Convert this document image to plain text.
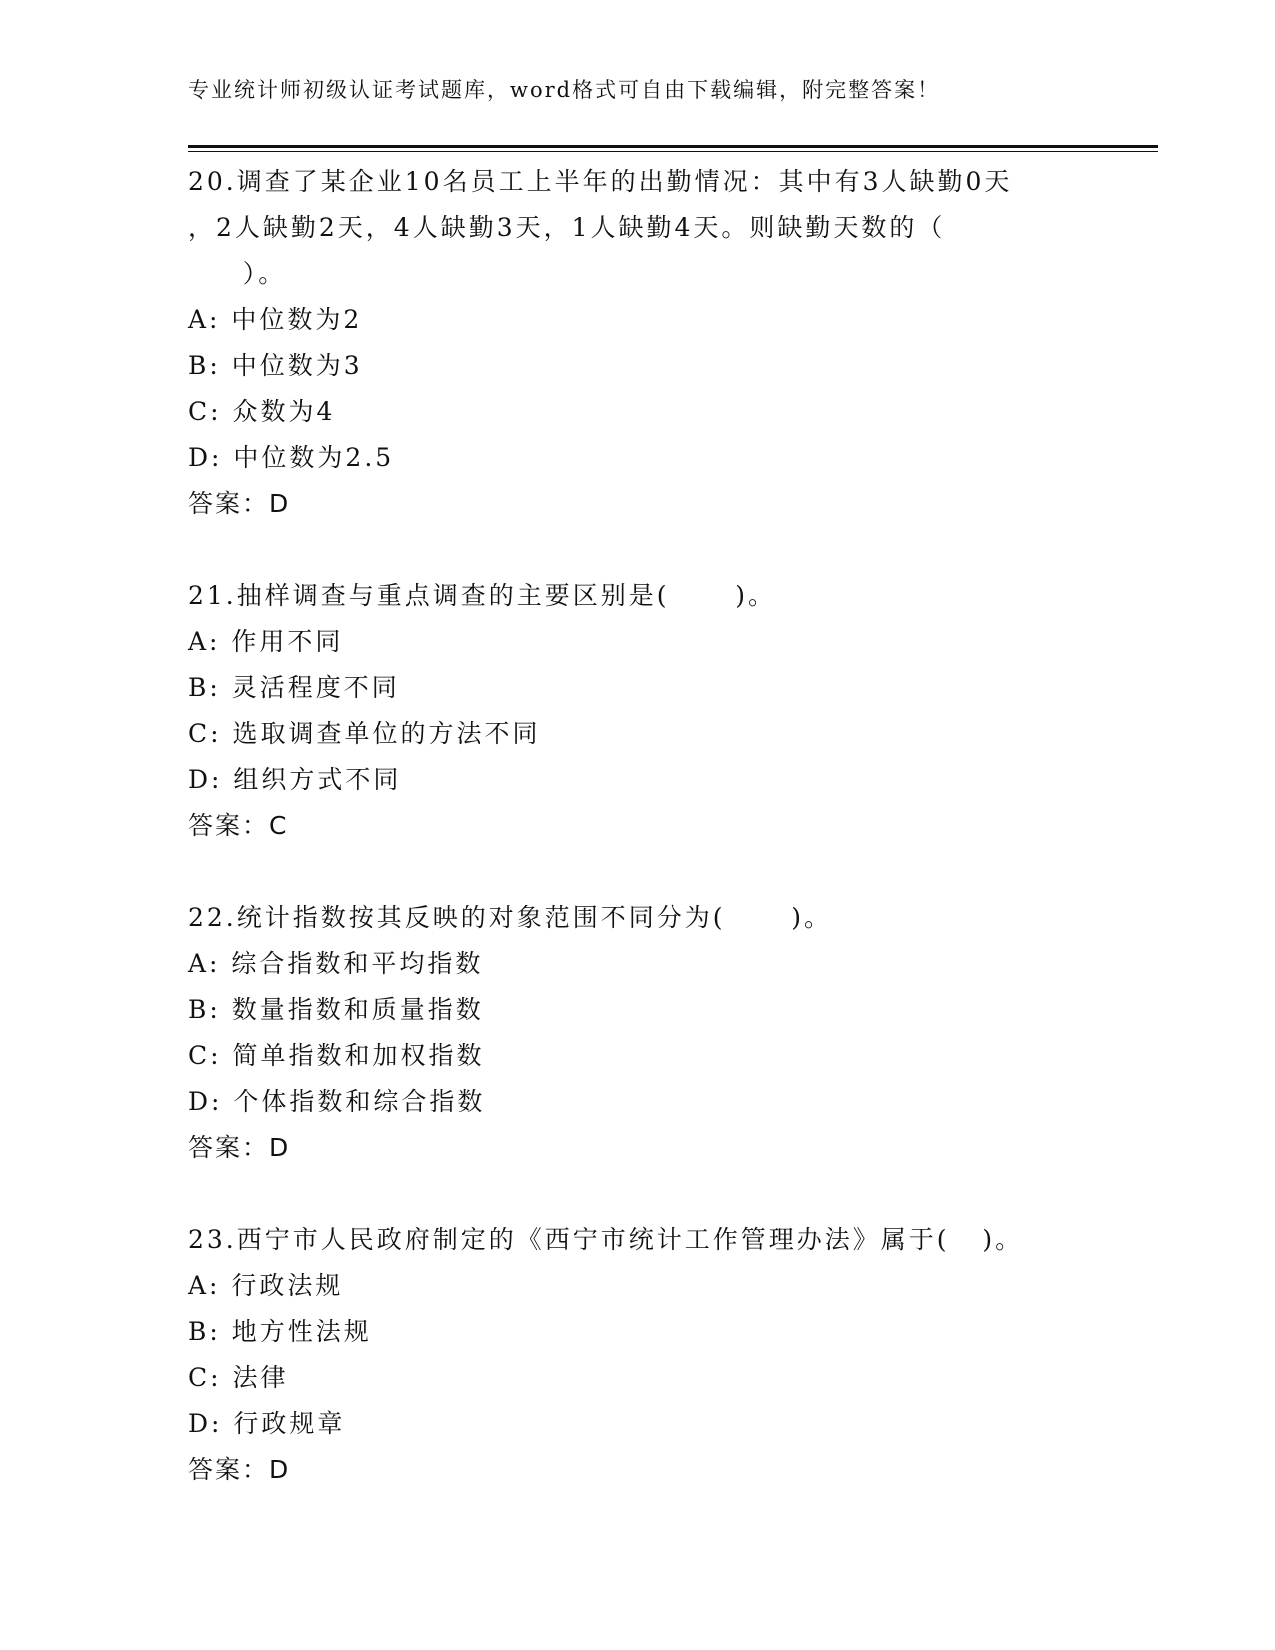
专业统计师初级认证考试题库，word格式可自由下载编辑，附完整答案！
20.调查了某企业10名员工上半年的出勤情况：其中有3人缺勤0天
，2人缺勤2天，4人缺勤3天，1人缺勤4天。则缺勤天数的（
）。
A: 中位数为2
B: 中位数为3
C: 众数为4
D: 中位数为2.5
答案：D
21.抽样调查与重点调查的主要区别是(      )。
A: 作用不同
B: 灵活程度不同
C: 选取调查单位的方法不同
D: 组织方式不同
答案：C
22.统计指数按其反映的对象范围不同分为(      )。
A: 综合指数和平均指数
B: 数量指数和质量指数
C: 简单指数和加权指数
D: 个体指数和综合指数
答案：D
23.西宁市人民政府制定的《西宁市统计工作管理办法》属于(   )。
A: 行政法规
B: 地方性法规
C: 法律
D: 行政规章
答案：D
